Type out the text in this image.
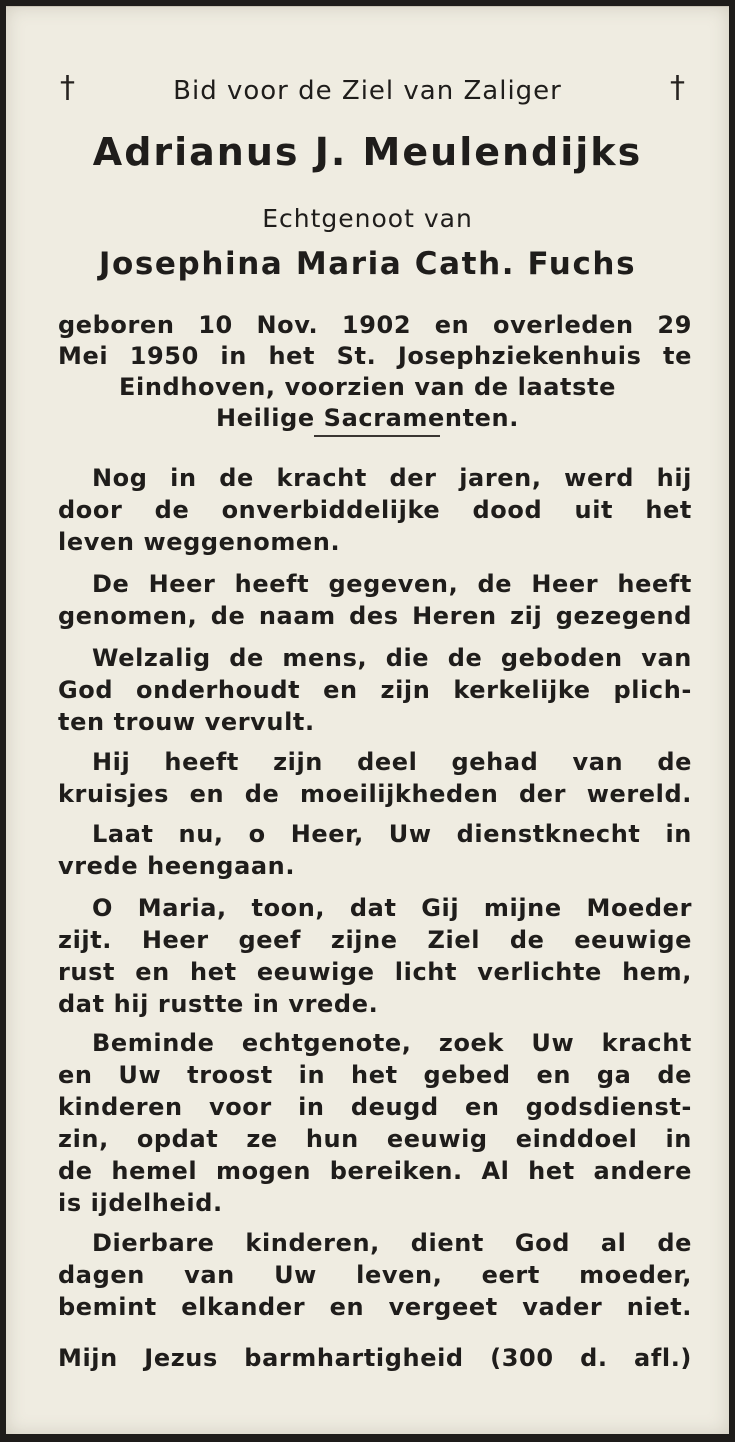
†	†
Bid voor de Ziel van Zaliger
Adrianus J. Meulendijks
Echtgenoot van
Josephina Maria Cath. Fuchs
geboren 10 Nov. 1902 en overleden 29
Mei 1950 in het St. Josephziekenhuis te
Eindhoven, voorzien van de laatste
Heilige Sacramenten.
Nog in de kracht der jaren, werd hij
door de onverbiddelijke dood uit het
leven weggenomen.
De Heer heeft gegeven, de Heer heeft
genomen, de naam des Heren zij gezegend
Welzalig de mens, die de geboden van
God onderhoudt en zijn kerkelijke plich-
ten trouw vervult.
Hij heeft zijn deel gehad van de
kruisjes en de moeilijkheden der wereld.
Laat nu, o Heer, Uw dienstknecht in
vrede heengaan.
O Maria, toon, dat Gij mijne Moeder
zijt. Heer geef zijne Ziel de eeuwige
rust en het eeuwige licht verlichte hem,
dat hij rustte in vrede.
Beminde echtgenote, zoek Uw kracht
en Uw troost in het gebed en ga de
kinderen voor in deugd en godsdienst-
zin, opdat ze hun eeuwig einddoel in
de hemel mogen bereiken. Al het andere
is ijdelheid.
Dierbare kinderen, dient God al de
dagen van Uw leven, eert moeder,
bemint elkander en vergeet vader niet.
Mijn Jezus barmhartigheid (300 d. afl.)
